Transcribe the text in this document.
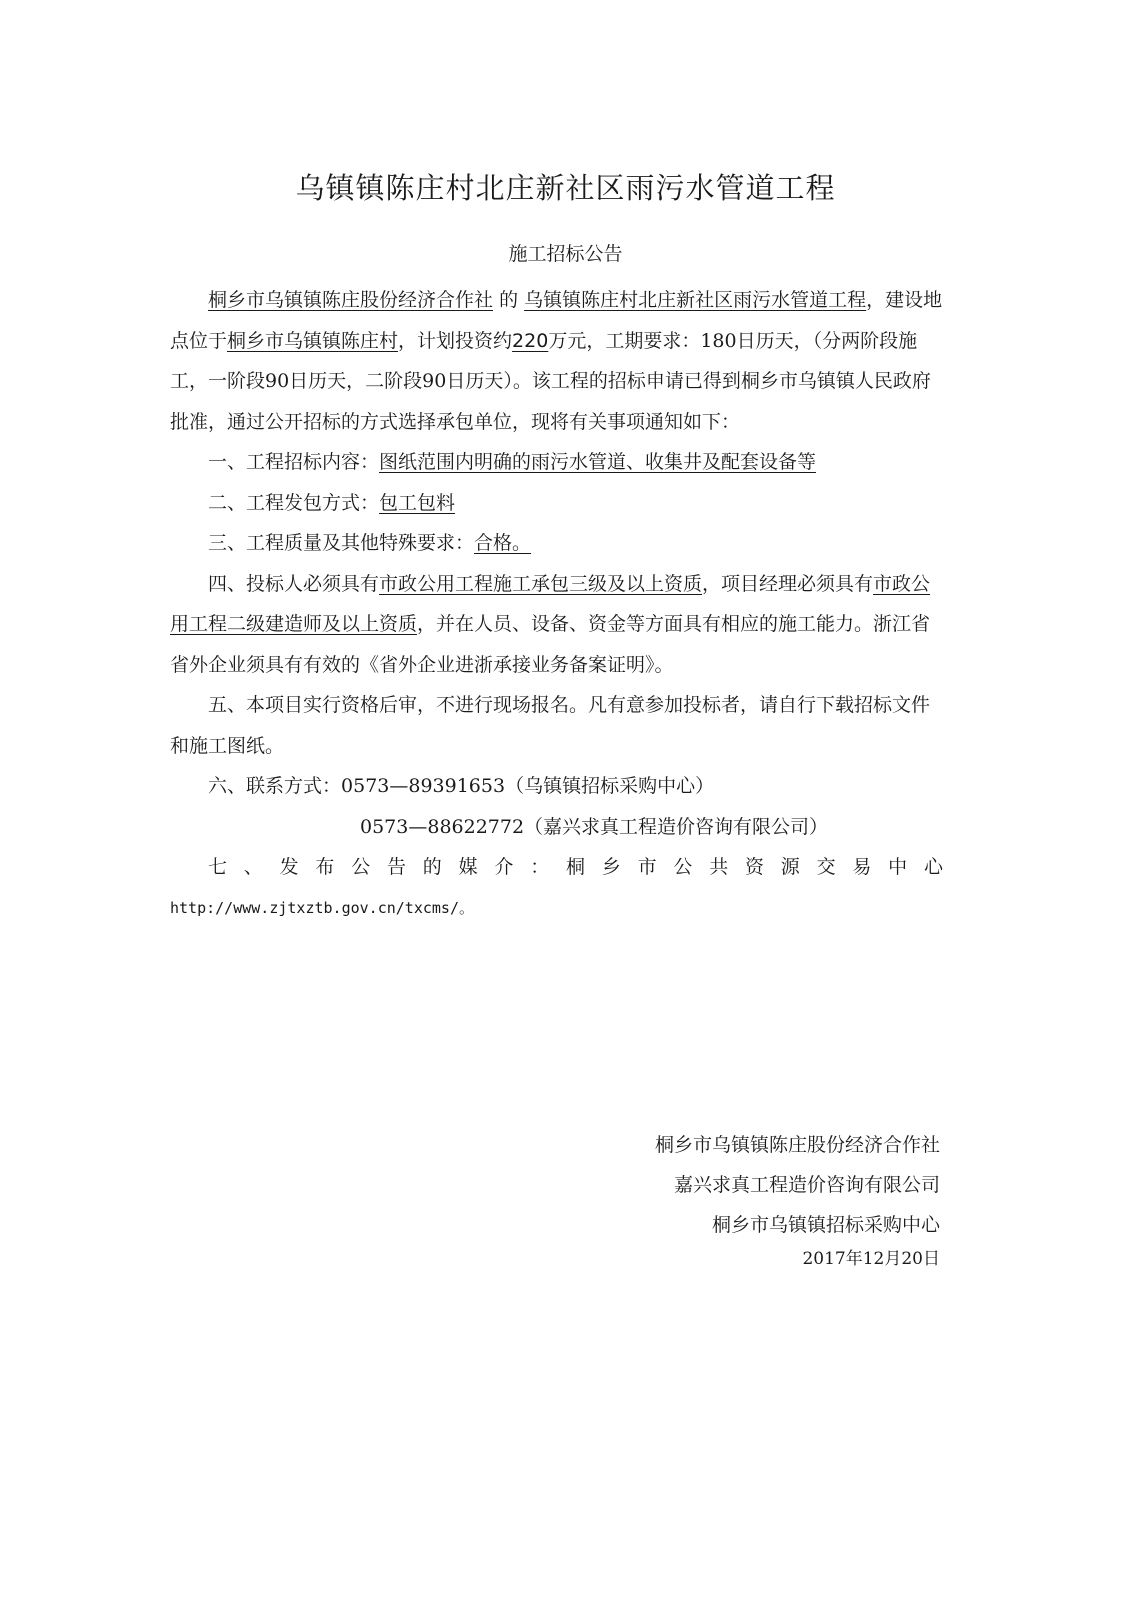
乌镇镇陈庄村北庄新社区雨污水管道工程
施工招标公告

桐乡市乌镇镇陈庄股份经济合作社 的 乌镇镇陈庄村北庄新社区雨污水管道工程，建设地点位于桐乡市乌镇镇陈庄村，计划投资约220万元，工期要求：180日历天，（分两阶段施工，一阶段90日历天，二阶段90日历天）。该工程的招标申请已得到桐乡市乌镇镇人民政府批准，通过公开招标的方式选择承包单位，现将有关事项通知如下：

一、工程招标内容：图纸范围内明确的雨污水管道、收集井及配套设备等

二、工程发包方式：包工包料

三、工程质量及其他特殊要求：合格。

四、投标人必须具有市政公用工程施工承包三级及以上资质，项目经理必须具有市政公用工程二级建造师及以上资质，并在人员、设备、资金等方面具有相应的施工能力。浙江省省外企业须具有有效的《省外企业进浙承接业务备案证明》。

五、本项目实行资格后审，不进行现场报名。凡有意参加投标者，请自行下载招标文件和施工图纸。

六、联系方式：0573—89391653（乌镇镇招标采购中心）

0573—88622772（嘉兴求真工程造价咨询有限公司）

七、发布公告的媒介：桐乡市公共资源交易中心

http://www.zjtxztb.gov.cn/txcms/。

桐乡市乌镇镇陈庄股份经济合作社
嘉兴求真工程造价咨询有限公司
桐乡市乌镇镇招标采购中心
2017年12月20日
